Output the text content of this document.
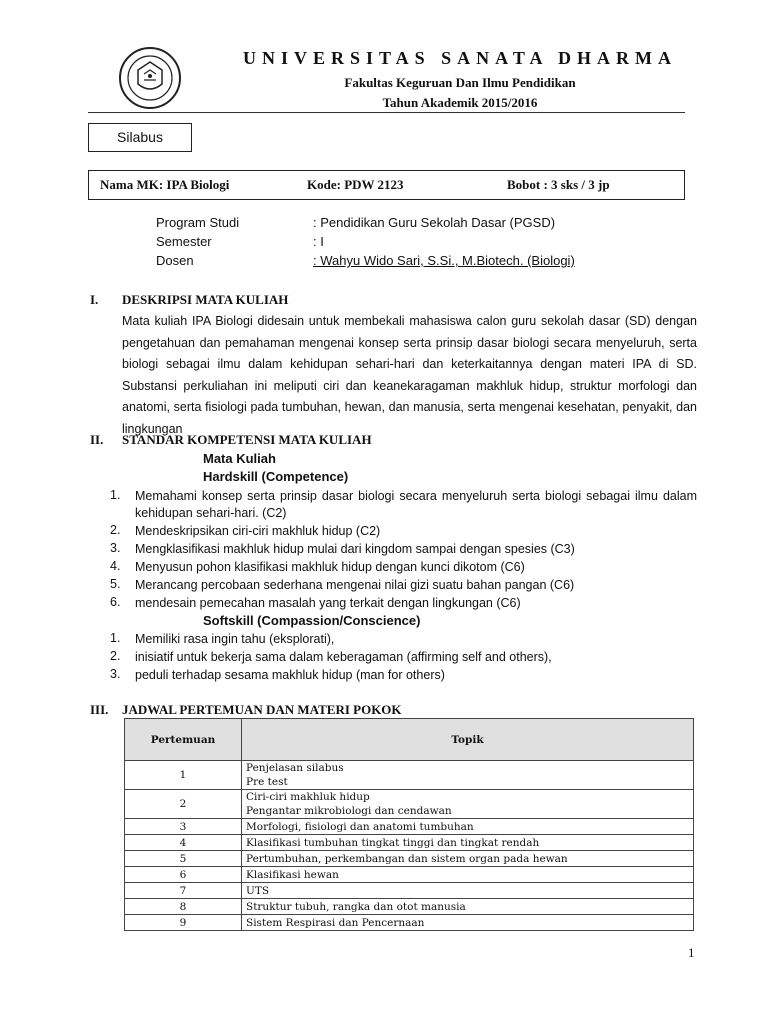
UNIVERSITAS SANATA DHARMA
Fakultas Keguruan Dan Ilmu Pendidikan
Tahun Akademik 2015/2016
Silabus
Nama MK: IPA Biologi	Kode: PDW 2123	Bobot : 3 sks / 3 jp
Program Studi	: Pendidikan Guru Sekolah Dasar (PGSD)
Semester	: I
Dosen	: Wahyu Wido Sari, S.Si., M.Biotech. (Biologi)
I. DESKRIPSI MATA KULIAH
Mata kuliah IPA Biologi didesain untuk membekali mahasiswa calon guru sekolah dasar (SD) dengan pengetahuan dan pemahaman mengenai konsep serta prinsip dasar biologi secara menyeluruh, serta biologi sebagai ilmu dalam kehidupan sehari-hari dan keterkaitannya dengan materi IPA di SD. Substansi perkuliahan ini meliputi ciri dan keanekaragaman makhluk hidup, struktur morfologi dan anatomi, serta fisiologi pada tumbuhan, hewan, dan manusia, serta mengenai kesehatan, penyakit, dan lingkungan
II. STANDAR KOMPETENSI MATA KULIAH
Mata Kuliah
Hardskill (Competence)
1. Memahami konsep serta prinsip dasar biologi secara menyeluruh serta biologi sebagai ilmu dalam kehidupan sehari-hari. (C2)
2. Mendeskripsikan ciri-ciri makhluk hidup (C2)
3. Mengklasifikasi makhluk hidup mulai dari kingdom sampai dengan spesies (C3)
4. Menyusun pohon klasifikasi makhluk hidup dengan kunci dikotom (C6)
5. Merancang percobaan sederhana mengenai nilai gizi suatu bahan pangan (C6)
6. mendesain pemecahan masalah yang terkait dengan lingkungan (C6)
Softskill (Compassion/Conscience)
1. Memiliki rasa ingin tahu (eksplorati),
2. inisiatif untuk bekerja sama dalam keberagaman (affirming self and others),
3. peduli terhadap sesama makhluk hidup (man for others)
III. JADWAL PERTEMUAN DAN MATERI POKOK
Pertemuan	Topik
1	Penjelasan silabus
Pre test

2	Ciri-ciri makhluk hidup
Pengantar mikrobiologi dan cendawan

3	Morfologi, fisiologi dan anatomi tumbuhan
4	Klasifikasi tumbuhan tingkat tinggi dan tingkat rendah
5	Pertumbuhan, perkembangan dan sistem organ pada hewan
6	Klasifikasi hewan
7	UTS
8	Struktur tubuh, rangka dan otot manusia
9	Sistem Respirasi dan Pencernaan
1
